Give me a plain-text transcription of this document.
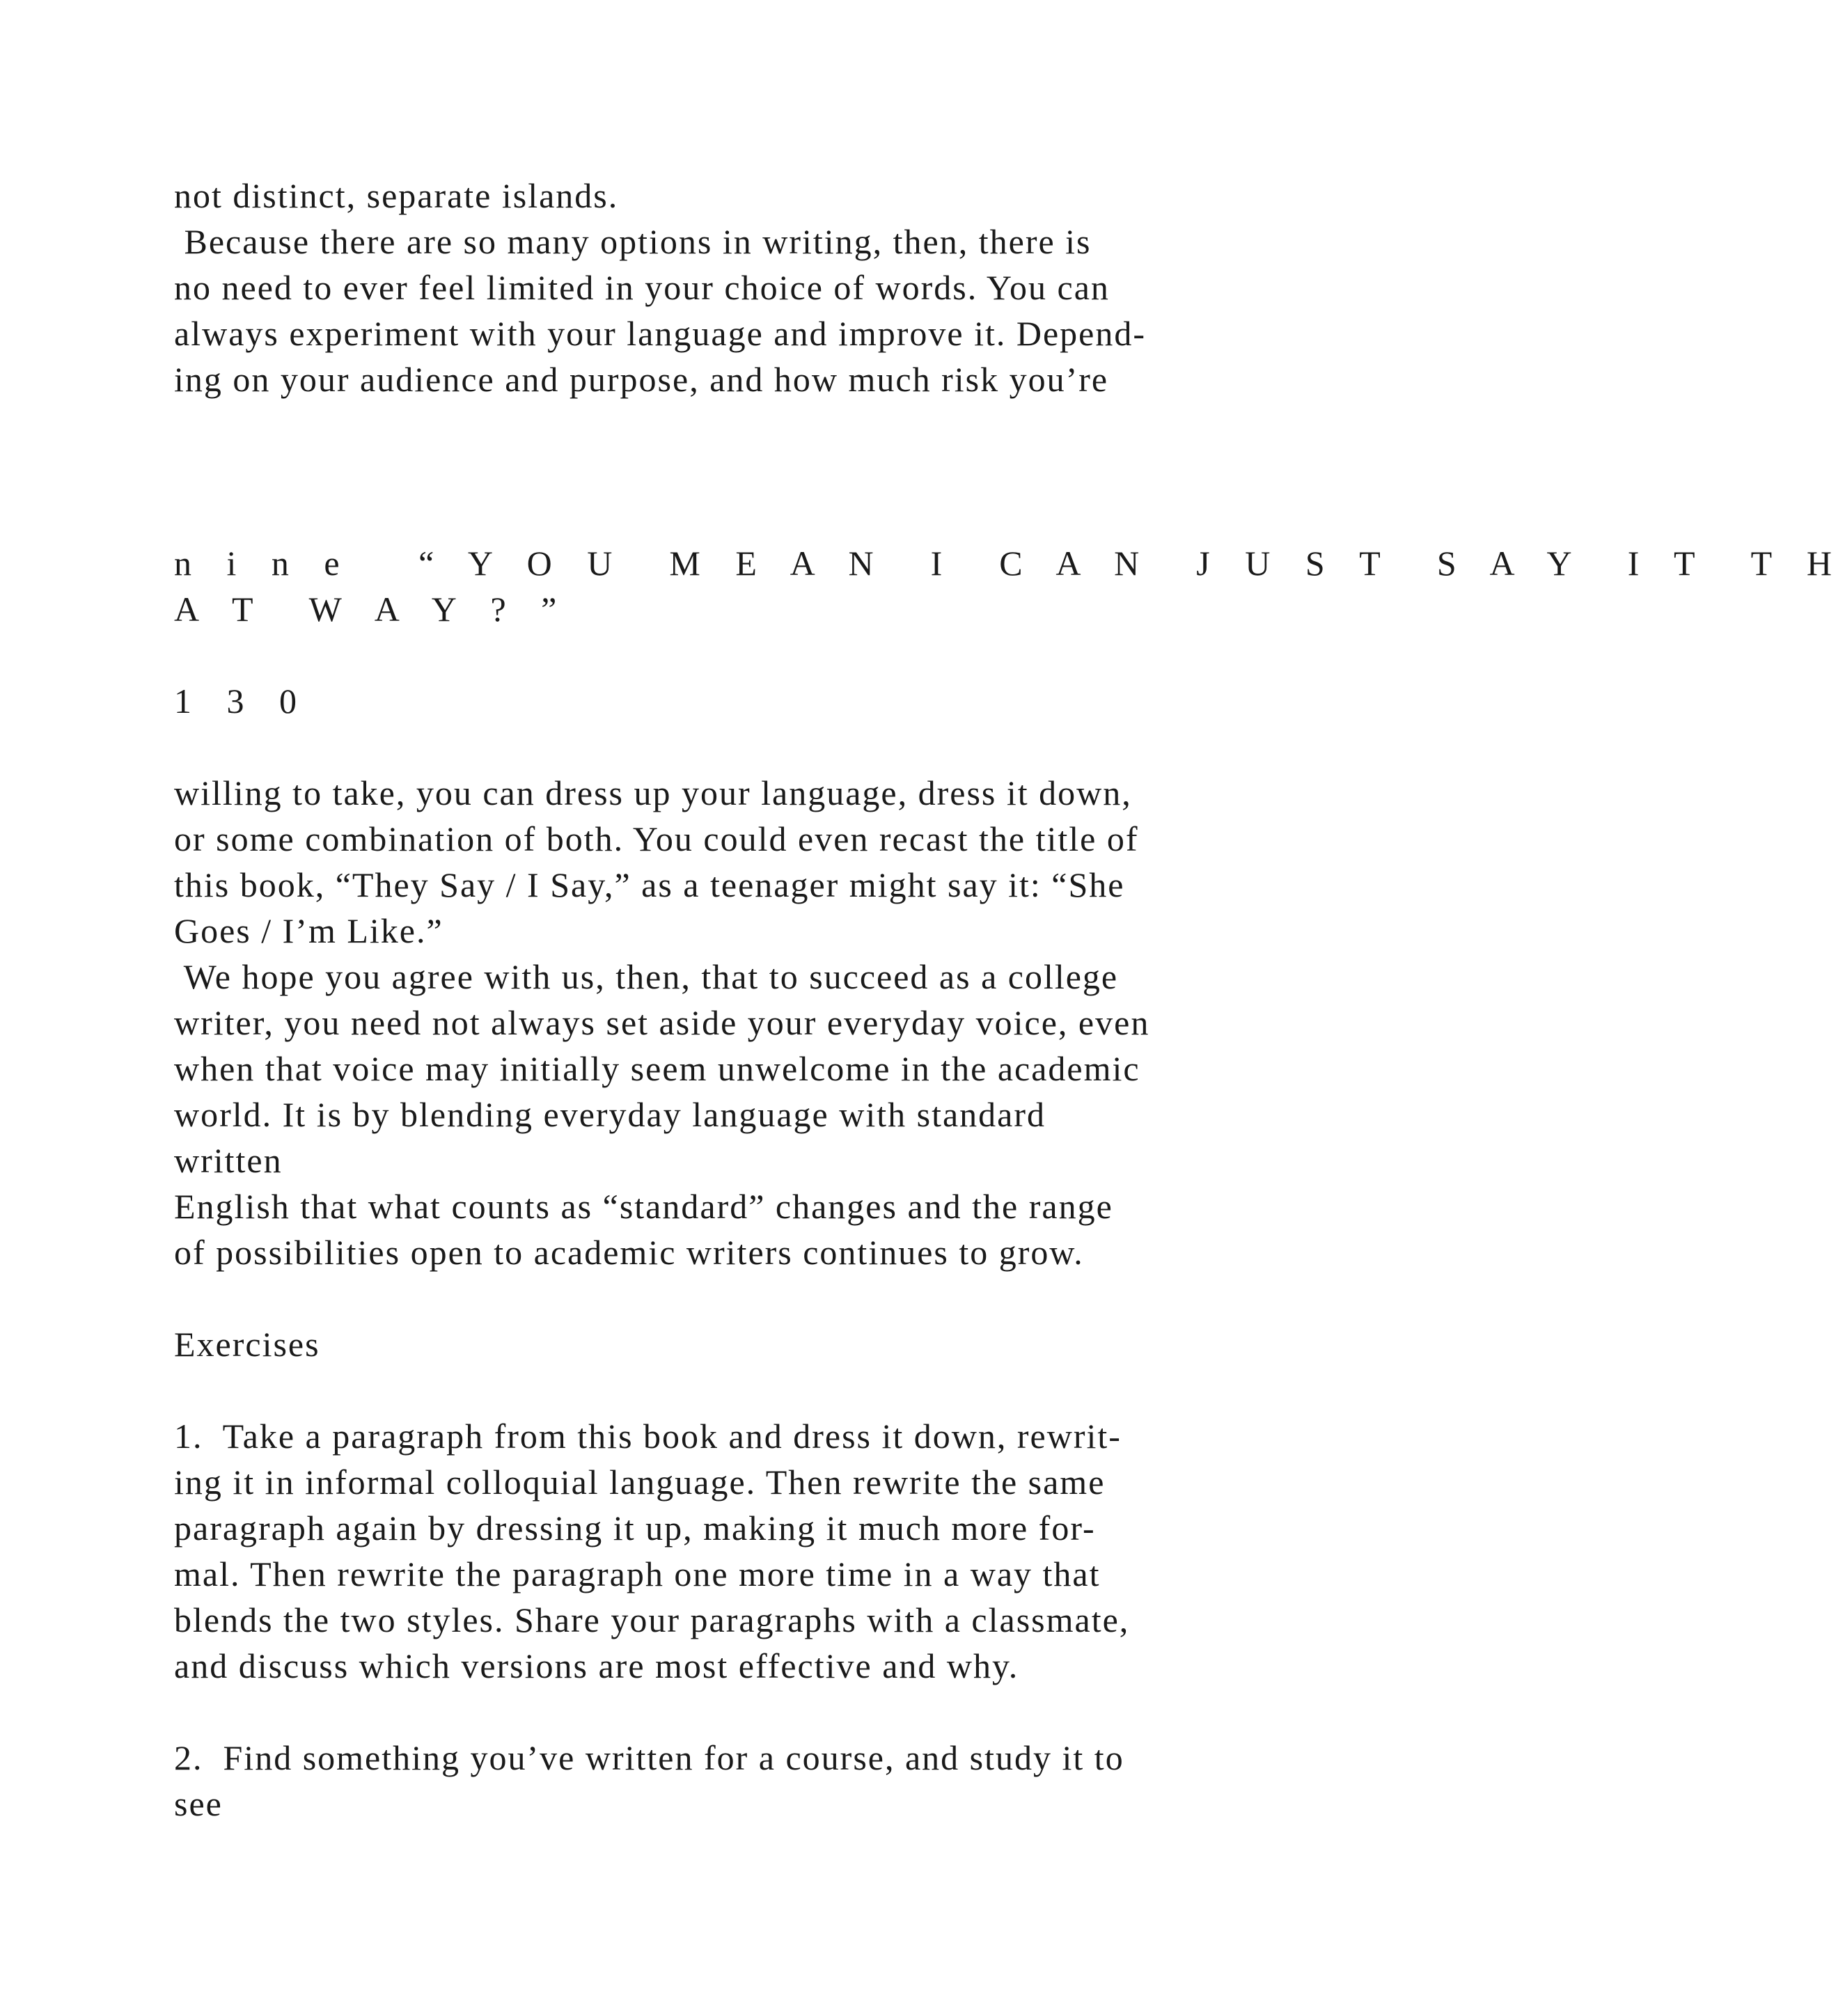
not distinct, separate islands.
Because there are so many options in writing, then, there is
no need to ever feel limited in your choice of words. You can
always experiment with your language and improve it. Depend-
ing on your audience and purpose, and how much risk you’re
n i n e   “ Y O U  M E A N  I  C A N  J U S T  S A Y  I T  T H
A T  W A Y ? ”
1 3 0
willing to take, you can dress up your language, dress it down,
or some combination of both. You could even recast the title of
this book, “They Say / I Say,” as a teenager might say it: “She
Goes / I’m Like.”
We hope you agree with us, then, that to succeed as a college
writer, you need not always set aside your everyday voice, even
when that voice may initially seem unwelcome in the academic
world. It is by blending everyday language with standard
written
English that what counts as “standard” changes and the range
of possibilities open to academic writers continues to grow.
Exercises
1.  Take a paragraph from this book and dress it down, rewrit-
ing it in informal colloquial language. Then rewrite the same
paragraph again by dressing it up, making it much more for-
mal. Then rewrite the paragraph one more time in a way that
blends the two styles. Share your paragraphs with a classmate,
and discuss which versions are most effective and why.
2.  Find something you’ve written for a course, and study it to
see
